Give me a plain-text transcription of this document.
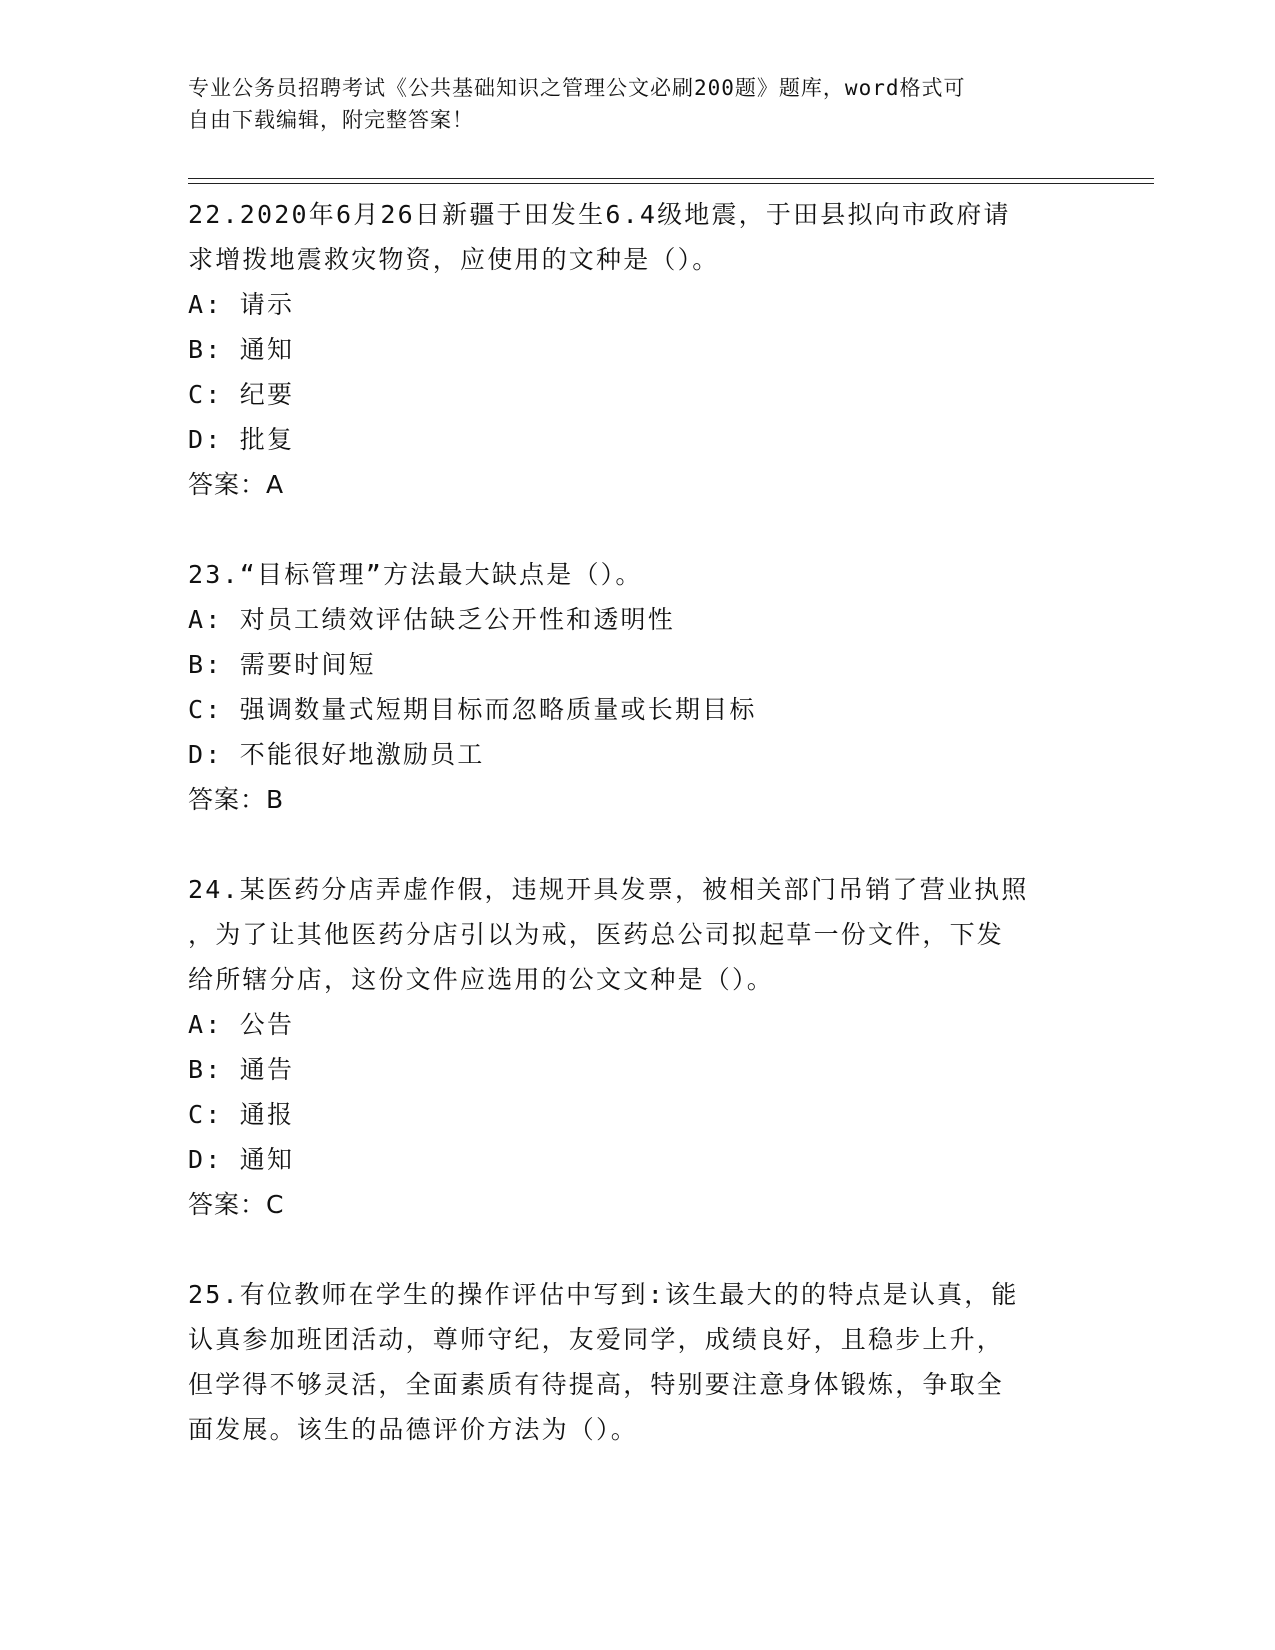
专业公务员招聘考试《公共基础知识之管理公文必刷200题》题库，word格式可
自由下载编辑，附完整答案！

22.2020年6月26日新疆于田发生6.4级地震，于田县拟向市政府请

求增拨地震救灾物资，应使用的文种是（）。

A: 请示

B: 通知

C: 纪要

D: 批复

答案：A

23.“目标管理”方法最大缺点是（）。

A: 对员工绩效评估缺乏公开性和透明性

B: 需要时间短

C: 强调数量式短期目标而忽略质量或长期目标

D: 不能很好地激励员工

答案：B

24.某医药分店弄虚作假，违规开具发票，被相关部门吊销了营业执照

，为了让其他医药分店引以为戒，医药总公司拟起草一份文件，下发

给所辖分店，这份文件应选用的公文文种是（）。

A: 公告

B: 通告

C: 通报

D: 通知

答案：C

25.有位教师在学生的操作评估中写到:该生最大的的特点是认真，能

认真参加班团活动，尊师守纪，友爱同学，成绩良好，且稳步上升，

但学得不够灵活，全面素质有待提高，特别要注意身体锻炼，争取全

面发展。该生的品德评价方法为（）。
